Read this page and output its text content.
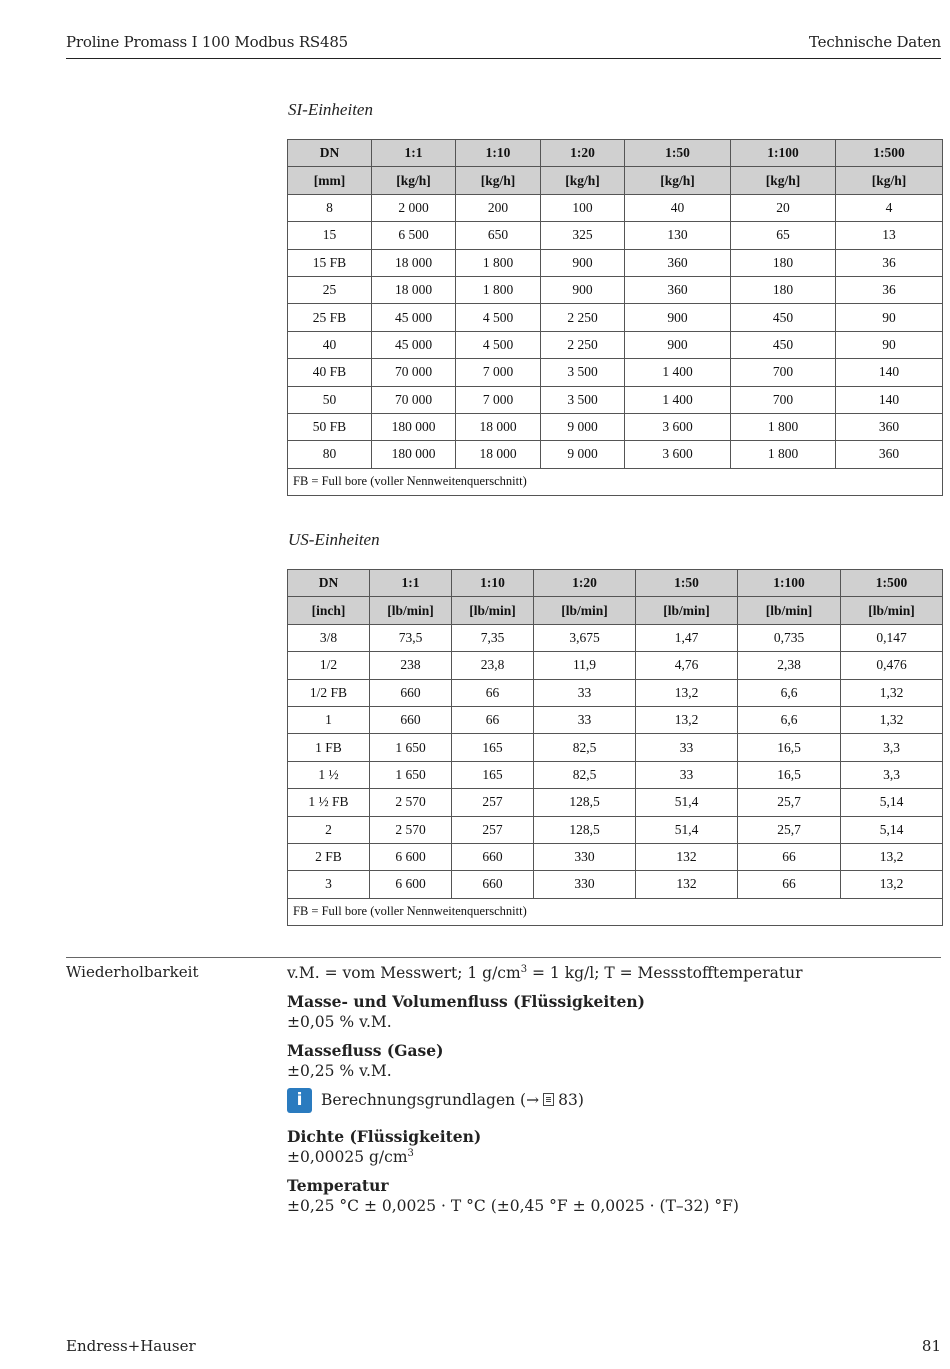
Proline Promass I 100 Modbus RS485	Technische Daten
SI-Einheiten
DN	1:1	1:10	1:20	1:50	1:100	1:500
[mm]	[kg/h]	[kg/h]	[kg/h]	[kg/h]	[kg/h]	[kg/h]
8	2 000	200	100	40	20	4
15	6 500	650	325	130	65	13
15 FB	18 000	1 800	900	360	180	36
25	18 000	1 800	900	360	180	36
25 FB	45 000	4 500	2 250	900	450	90
40	45 000	4 500	2 250	900	450	90
40 FB	70 000	7 000	3 500	1 400	700	140
50	70 000	7 000	3 500	1 400	700	140
50 FB	180 000	18 000	9 000	3 600	1 800	360
80	180 000	18 000	9 000	3 600	1 800	360
FB = Full bore (voller Nennweitenquerschnitt)						
US-Einheiten
DN	1:1	1:10	1:20	1:50	1:100	1:500
[inch]	[lb/min]	[lb/min]	[lb/min]	[lb/min]	[lb/min]	[lb/min]
3/8	73,5	7,35	3,675	1,47	0,735	0,147
1/2	238	23,8	11,9	4,76	2,38	0,476
1/2 FB	660	66	33	13,2	6,6	1,32
1	660	66	33	13,2	6,6	1,32
1 FB	1 650	165	82,5	33	16,5	3,3
1 ½	1 650	165	82,5	33	16,5	3,3
1 ½ FB	2 570	257	128,5	51,4	25,7	5,14
2	2 570	257	128,5	51,4	25,7	5,14
2 FB	6 600	660	330	132	66	13,2
3	6 600	660	330	132	66	13,2
FB = Full bore (voller Nennweitenquerschnitt)						
Wiederholbarkeit	v.M. = vom Messwert; 1 $g/cm^3 = 1$ kg/l; T = Messstofftemperatur
Masse- und Volumenfluss (Flüssigkeiten)
±0,05 % v.M.
Massefluss (Gase)
±0,25 % v.M.
i	Berechnungsgrundlagen (→ 83)
Dichte (Flüssigkeiten)
±0,00025 $g/cm^3$
Temperatur
±0,25 °C ± 0,0025 · T °C (±0,45 °F ± 0,0025 · (T–32) °F)
Endress+Hauser	81
